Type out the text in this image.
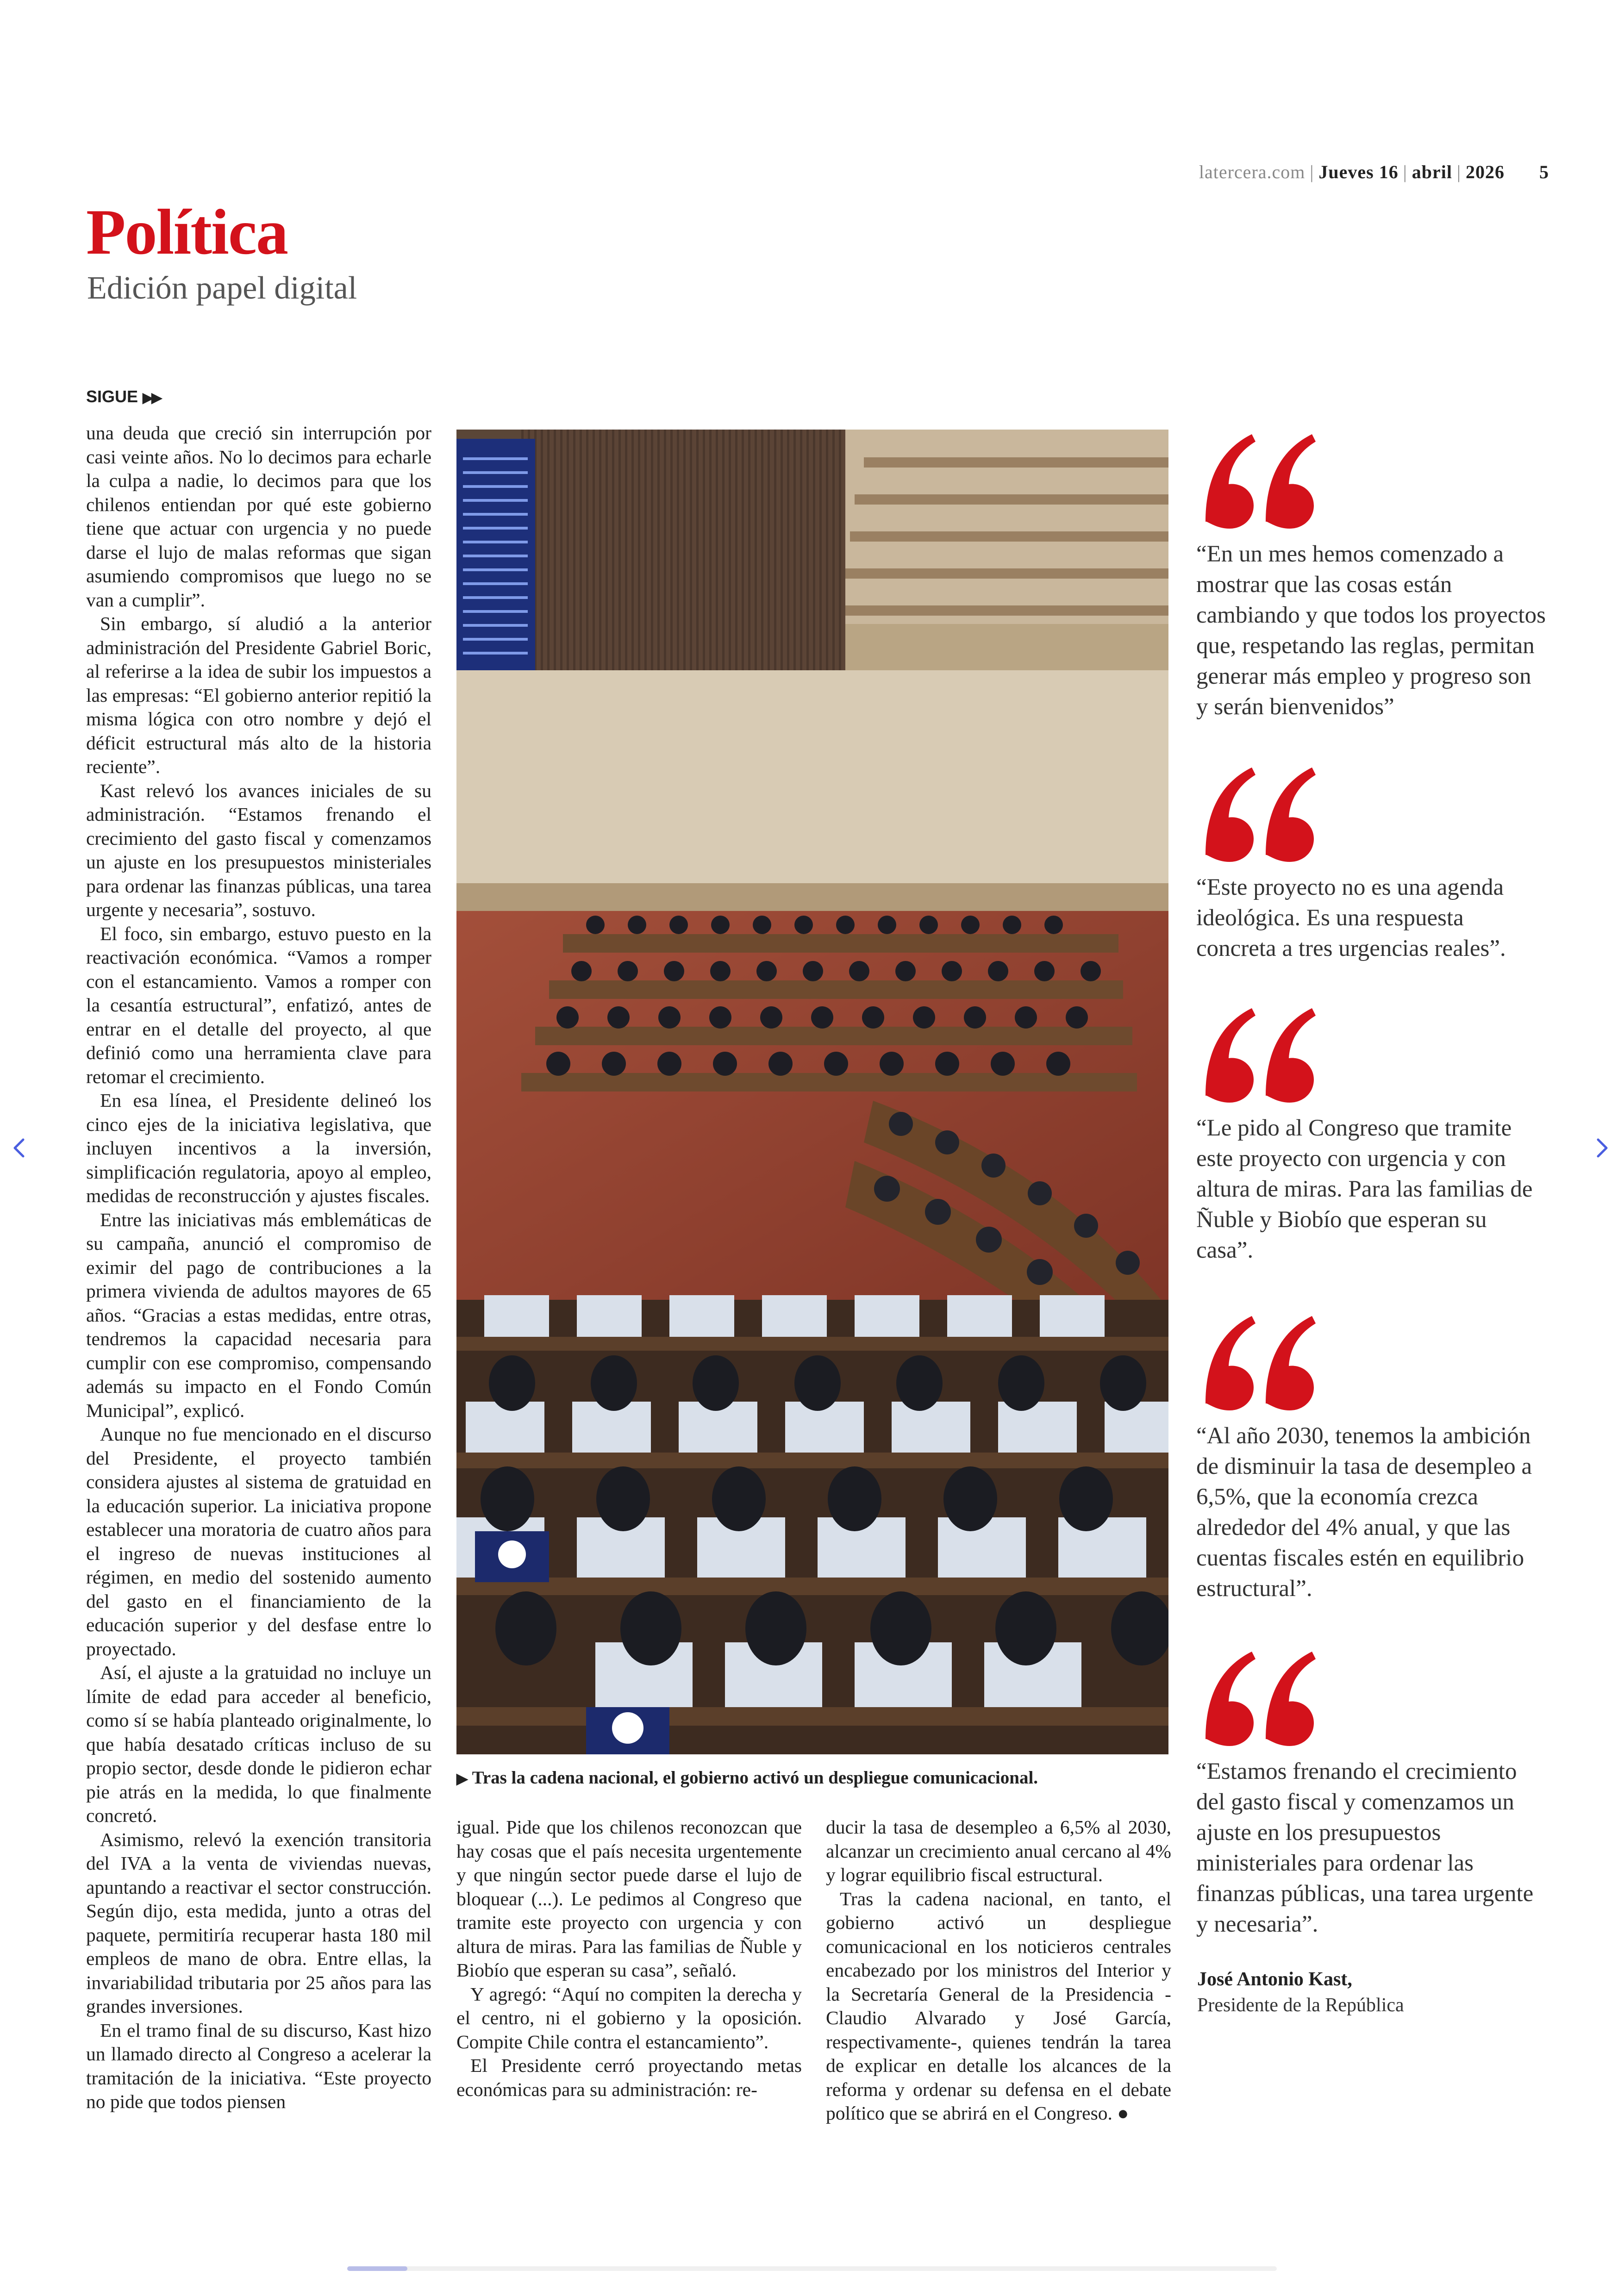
latercera.com | Jueves 16 | abril | 2026 5
Política
Edición papel digital
SIGUE ▶▶

una deuda que creció sin interrupción por casi veinte años. No lo decimos para echarle la culpa a nadie, lo decimos para que los chilenos entiendan por qué este gobierno tiene que actuar con urgencia y no puede darse el lujo de malas reformas que sigan asumiendo compromisos que luego no se van a cumplir”.

Sin embargo, sí aludió a la anterior administración del Presidente Gabriel Boric, al referirse a la idea de subir los impuestos a las empresas: “El gobierno anterior repitió la misma lógica con otro nombre y dejó el déficit estructural más alto de la historia reciente”.

Kast relevó los avances iniciales de su administración. “Estamos frenando el crecimiento del gasto fiscal y comenzamos un ajuste en los presupuestos ministeriales para ordenar las finanzas públicas, una tarea urgente y necesaria”, sostuvo.

El foco, sin embargo, estuvo puesto en la reactivación económica. “Vamos a romper con el estancamiento. Vamos a romper con la cesantía estructural”, enfatizó, antes de entrar en el detalle del proyecto, al que definió como una herramienta clave para retomar el crecimiento.

En esa línea, el Presidente delineó los cinco ejes de la iniciativa legislativa, que incluyen incentivos a la inversión, simplificación regulatoria, apoyo al empleo, medidas de reconstrucción y ajustes fiscales.

Entre las iniciativas más emblemáticas de su campaña, anunció el compromiso de eximir del pago de contribuciones a la primera vivienda de adultos mayores de 65 años. “Gracias a estas medidas, entre otras, tendremos la capacidad necesaria para cumplir con ese compromiso, compensando además su impacto en el Fondo Común Municipal”, explicó.

Aunque no fue mencionado en el discurso del Presidente, el proyecto también considera ajustes al sistema de gratuidad en la educación superior. La iniciativa propone establecer una moratoria de cuatro años para el ingreso de nuevas instituciones al régimen, en medio del sostenido aumento del gasto en el financiamiento de la educación superior y del desfase entre lo proyectado.

Así, el ajuste a la gratuidad no incluye un límite de edad para acceder al beneficio, como sí se había planteado originalmente, lo que había desatado críticas incluso de su propio sector, desde donde le pidieron echar pie atrás en la medida, lo que finalmente concretó.

Asimismo, relevó la exención transitoria del IVA a la venta de viviendas nuevas, apuntando a reactivar el sector construcción. Según dijo, esta medida, junto a otras del paquete, permitiría recuperar hasta 180 mil empleos de mano de obra. Entre ellas, la invariabilidad tributaria por 25 años para las grandes inversiones.

En el tramo final de su discurso, Kast hizo un llamado directo al Congreso a acelerar la tramitación de la iniciativa. “Este proyecto no pide que todos piensen

▶ Tras la cadena nacional, el gobierno activó un despliegue comunicacional.

igual. Pide que los chilenos reconozcan que hay cosas que el país necesita urgentemente y que ningún sector puede darse el lujo de bloquear (...). Le pedimos al Congreso que tramite este proyecto con urgencia y con altura de miras. Para las familias de Ñuble y Biobío que esperan su casa”, señaló.

Y agregó: “Aquí no compiten la derecha y el centro, ni el gobierno y la oposición. Compite Chile contra el estancamiento”.

El Presidente cerró proyectando metas económicas para su administración: re-

ducir la tasa de desempleo a 6,5% al 2030, alcanzar un crecimiento anual cercano al 4% y lograr equilibrio fiscal estructural.

Tras la cadena nacional, en tanto, el gobierno activó un despliegue comunicacional en los noticieros centrales encabezado por los ministros del Interior y la Secretaría General de la Presidencia -Claudio Alvarado y José García, respectivamente-, quienes tendrán la tarea de explicar en detalle los alcances de la reforma y ordenar su defensa en el debate político que se abrirá en el Congreso. ●

“En un mes hemos comenzado a mostrar que las cosas están cambiando y que todos los proyectos que, respetando las reglas, permitan generar más empleo y progreso son y serán bienvenidos”
“Este proyecto no es una agenda ideológica. Es una respuesta concreta a tres urgencias reales”.
“Le pido al Congreso que tramite este proyecto con urgencia y con altura de miras. Para las familias de Ñuble y Biobío que esperan su casa”.
“Al año 2030, tenemos la ambición de disminuir la tasa de desempleo a 6,5%, que la economía crezca alrededor del 4% anual, y que las cuentas fiscales estén en equilibrio estructural”.
“Estamos frenando el crecimiento del gasto fiscal y comenzamos un ajuste en los presupuestos ministeriales para ordenar las finanzas públicas, una tarea urgente y necesaria”.
José Antonio Kast,
Presidente de la República
